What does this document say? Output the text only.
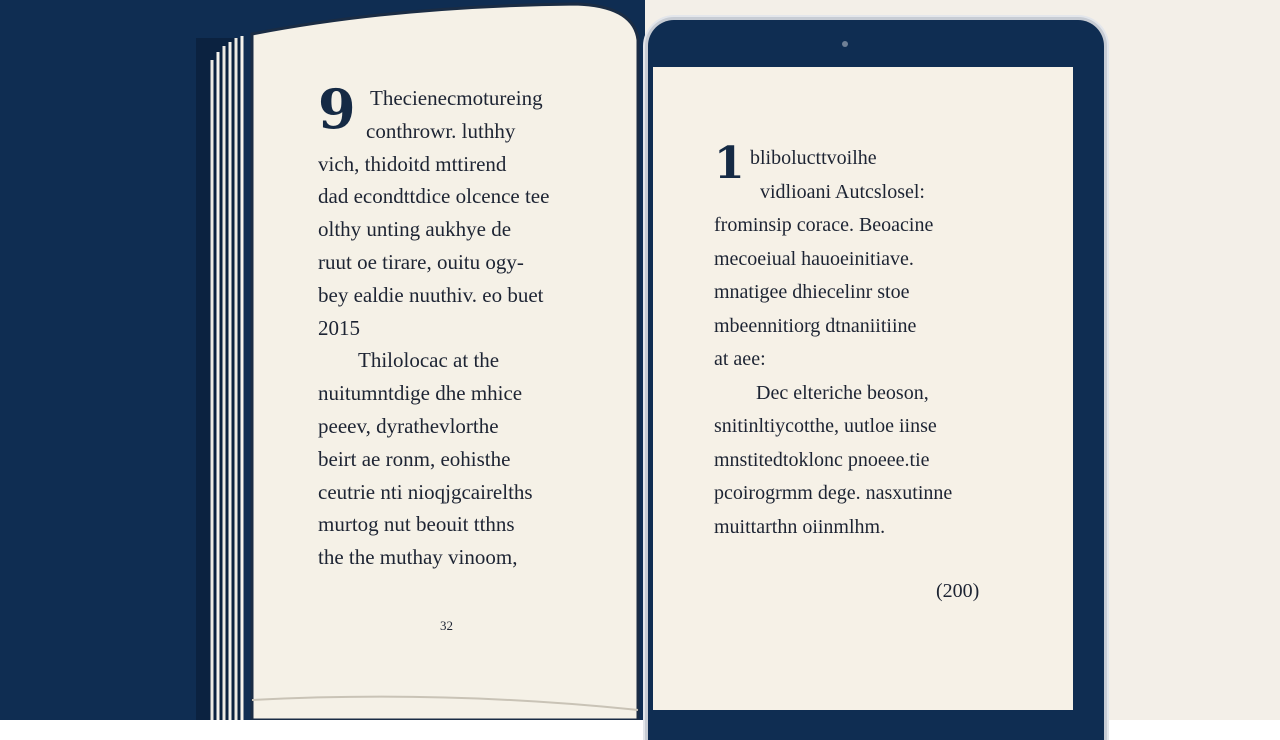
Thecienecmotureing
conthrowr. luthhy
vich, thidoitd mttirend
dad econdttdice olcence tee
olthy unting aukhye de
ruut oe tirare, ouitu ogy-
bey ealdie nuuthiv. eo buet
2015
Thilolocac at the
nuitumntdige dhe mhice
peeev, dyrathevlorthe
beirt ae ronm, eohisthe
ceutrie nti nioqjgcairelths
murtog nut beouit tthns
the the muthay vinoom,
9
32
blibolucttvoilhe
vidlioani Autcslosel:
frominsip corace. Beoacine
mecoeiual hauoeinitiave.
mnatigee dhiecelinr stoe
mbeennitiorg dtnaniitiine
at aee:
Dec elteriche beoson,
snitinltiycotthe, uutloe iinse
mnstitedtoklonc pnoeee.tie
pcoirogrmm dege. nasxutinne
muittarthn oiinmlhm.
1
(200)
